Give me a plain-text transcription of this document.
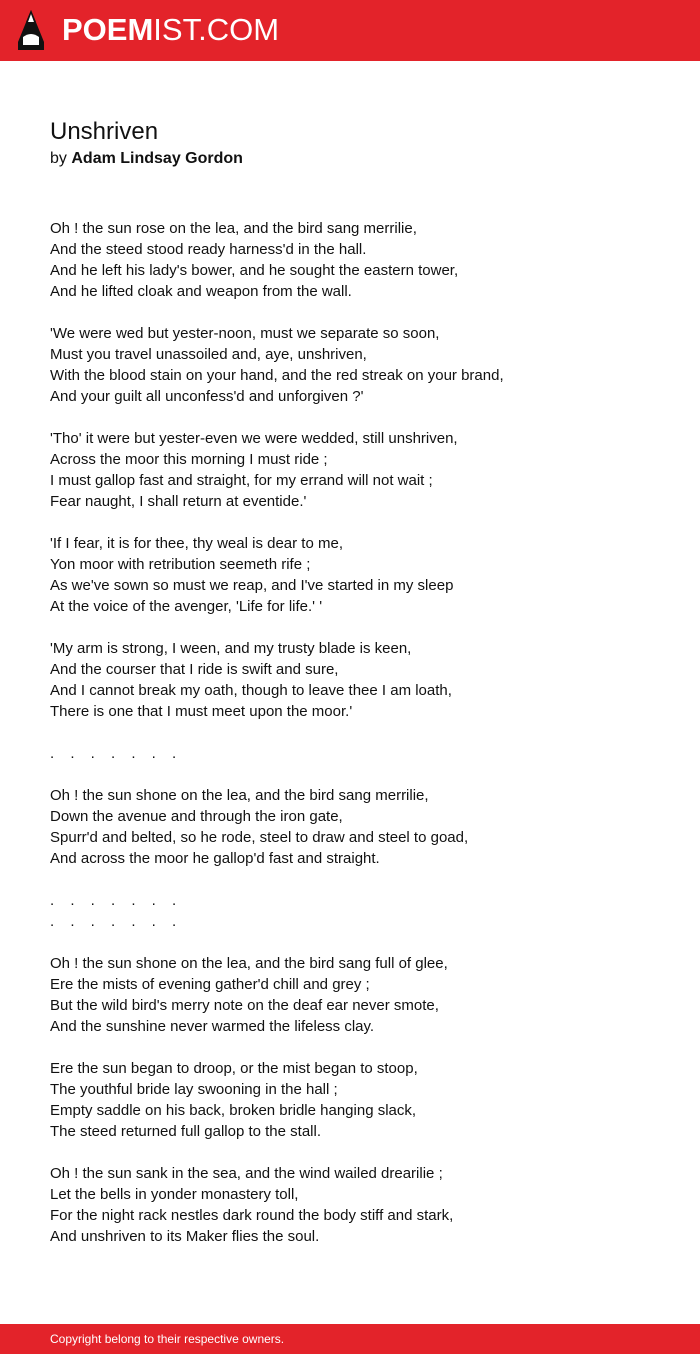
POEMIST.COM
Unshriven
by Adam Lindsay Gordon
Oh ! the sun rose on the lea, and the bird sang merrilie,
And the steed stood ready harness'd in the hall.
And he left his lady's bower, and he sought the eastern tower,
And he lifted cloak and weapon from the wall.
'We were wed but yester-noon, must we separate so soon,
Must you travel unassoiled and, aye, unshriven,
With the blood stain on your hand, and the red streak on your brand,
And your guilt all unconfess'd and unforgiven ?'
'Tho' it were but yester-even we were wedded, still unshriven,
Across the moor this morning I must ride ;
I must gallop fast and straight, for my errand will not wait ;
Fear naught, I shall return at eventide.'
'If I fear, it is for thee, thy weal is dear to me,
Yon moor with retribution seemeth rife ;
As we've sown so must we reap, and I've started in my sleep
At the voice of the avenger, 'Life for life.' '
'My arm is strong, I ween, and my trusty blade is keen,
And the courser that I ride is swift and sure,
And I cannot break my oath, though to leave thee I am loath,
There is one that I must meet upon the moor.'
. . . . . . .
Oh ! the sun shone on the lea, and the bird sang merrilie,
Down the avenue and through the iron gate,
Spurr'd and belted, so he rode, steel to draw and steel to goad,
And across the moor he gallop'd fast and straight.
. . . . . . .
. . . . . . .
Oh ! the sun shone on the lea, and the bird sang full of glee,
Ere the mists of evening gather'd chill and grey ;
But the wild bird's merry note on the deaf ear never smote,
And the sunshine never warmed the lifeless clay.
Ere the sun began to droop, or the mist began to stoop,
The youthful bride lay swooning in the hall ;
Empty saddle on his back, broken bridle hanging slack,
The steed returned full gallop to the stall.
Oh ! the sun sank in the sea, and the wind wailed drearilie ;
Let the bells in yonder monastery toll,
For the night rack nestles dark round the body stiff and stark,
And unshriven to its Maker flies the soul.
Copyright belong to their respective owners.
